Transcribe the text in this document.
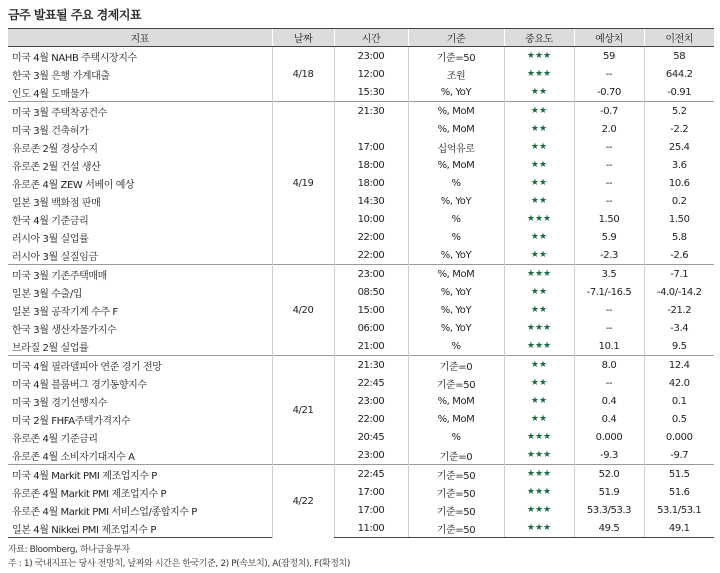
금주 발표될 주요 경제지표
지표	날짜	시간	기준	중요도	예상치	이전치
미국 4월 NAHB 주택시장지수	4/18	23:00	기준=50	★★★	59	58
한국 3월 은행 가계대출		12:00	조원	★★★	--	644.2
인도 4월 도매물가		15:30	%, YoY	★★	-0.70	-0.91
미국 3월 주택착공건수	4/19	21:30	%, MoM	★★	-0.7	5.2
미국 3월 건축허가			%, MoM	★★	2.0	-2.2
유로존 2월 경상수지		17:00	십억유로	★★	--	25.4
유로존 2월 건설 생산		18:00	%, MoM	★★	--	3.6
유로존 4월 ZEW 서베이 예상		18:00	%	★★	--	10.6
일본 3월 백화점 판매		14:30	%, YoY	★★	--	0.2
한국 4월 기준금리		10:00	%	★★★	1.50	1.50
러시아 3월 실업률		22:00	%	★★	5.9	5.8
러시아 3월 실질임금		22:00	%, YoY	★★	-2.3	-2.6
미국 3월 기존주택매매	4/20	23:00	%, MoM	★★★	3.5	-7.1
일본 3월 수출/입		08:50	%, YoY	★★	-7.1/-16.5	-4.0/-14.2
일본 3월 공작기계 수주 F		15:00	%, YoY	★★	--	-21.2
한국 3월 생산자물가지수		06:00	%, YoY	★★★	--	-3.4
브라질 2월 실업률		21:00	%	★★★	10.1	9.5
미국 4월 필라델피아 연준 경기 전망	4/21	21:30	기준=0	★★	8.0	12.4
미국 4월 블룸버그 경기동향지수		22:45	기준=50	★★	--	42.0
미국 3월 경기선행지수		23:00	%, MoM	★★	0.4	0.1
미국 2월 FHFA주택가격지수		22:00	%, MoM	★★	0.4	0.5
유로존 4월 기준금리		20:45	%	★★★	0.000	0.000
유로존 4월 소비자기대지수 A		23:00	기준=0	★★★	-9.3	-9.7
미국 4월 Markit PMI 제조업지수 P	4/22	22:45	기준=50	★★★	52.0	51.5
유로존 4월 Markit PMI 제조업지수 P		17:00	기준=50	★★★	51.9	51.6
유로존 4월 Markit PMI 서비스업/종합지수 P		17:00	기준=50	★★★	53.3/53.3	53.1/53.1
일본 4월 Nikkei PMI 제조업지수 P		11:00	기준=50	★★★	49.5	49.1
자료: Bloomberg, 하나금융투자
주 : 1) 국내지표는 당사 전망치, 날짜와 시간은 한국기준, 2) P(속보치), A(잠정치), F(확정치)
